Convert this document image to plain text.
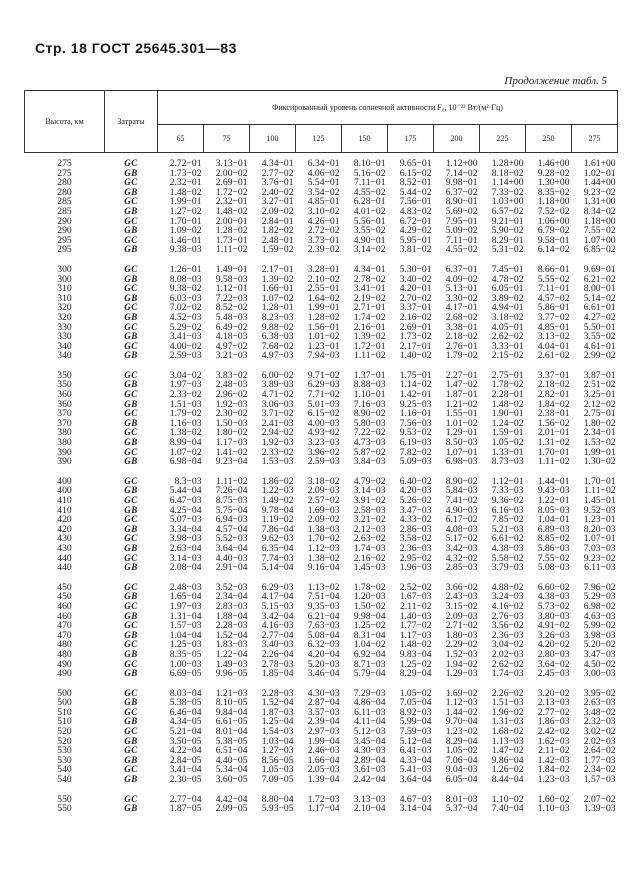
Стр. 18 ГОСТ 25645.301—83
Продолжение табл. 5
Высота, км	Затраты	Фиксированный уровень солнечной активности F₀, 10⁻²² Вт/(м²·Гц)									
		65	75	100	125	150	175	200	225	250	275

275	GC	2.72−01	3.13−01	4.34−01	6.34−01	8.10−01	9.65−01	1.12+00	1.28+00	1.46+00	1.61+00
275	GB	1.73−02	2.00−02	2.77−02	4.06−02	5.16−02	6.15−02	7.14−02	8.18−02	9.28−02	1.02−01
280	GC	2.32−01	2.69−01	3.76−01	5.54−01	7.11−01	8.52−01	9.98−01	1.14+00	1.30+00	1.44+00
280	GB	1.48−02	1.72−02	2.40−02	3.54−02	4.55−02	5.44−02	6.37−02	7.33−02	8.35−02	9.23−02
285	GC	1.99−01	2.32−01	3.27−01	4.85−01	6.28−01	7.56−01	8.90−01	1.03+00	1.18+00	1.31+00
285	GB	1.27−02	1.48−02	2.09−02	3.10−02	4.01−02	4.83−02	5.69−02	6.57−02	7.52−02	8.34−02
290	GC	1.70−01	2.00−01	2.84−01	4.26−01	5.56−01	6.72−01	7.95−01	9.21−01	1.06+00	1.18+00
290	GB	1.09−02	1.28−02	1.82−02	2.72−02	3.55−02	4.29−02	5.09−02	5.90−02	6.79−02	7.55−02
295	GC	1.46−01	1.73−01	2.48−01	3.73−01	4.90−01	5.95−01	7.11−01	8.29−01	9.58−01	1.07+00
295	GB	9.38−03	1.11−02	1.59−02	2.39−02	3.14−02	3.81−02	4.55−02	5.31−02	6.14−02	6.85−02

300	GC	1.26−01	1.49−01	2.17−01	3.28−01	4.34−01	5.30−01	6.37−01	7.45−01	8.66−01	9.69−01
300	GB	8.08−03	9.58−03	1.39−02	2.10−02	2.78−02	3.40−02	4.09−02	4.78−02	5.55−02	6.21−02
310	GC	9.38−02	1.12−01	1.66−01	2.55−01	3.41−01	4.20−01	5.13−01	6.05−01	7.11−01	8.00−01
310	GB	6.03−03	7.22−03	1.07−02	1.64−02	2.19−02	2.70−02	3.30−02	3.89−02	4.57−02	5.14−02
320	GC	7.02−02	8.52−02	1.28−01	1.99−01	2.71−01	3.37−01	4.17−01	4.94−01	5.86−01	6.61−01
320	GB	4.52−03	5.48−03	8.23−03	1.28−02	1.74−02	2.16−02	2.68−02	3.18−02	3.77−02	4.27−02
330	GC	5.29−02	6.49−02	9.88−02	1.56−01	2.16−01	2.69−01	3.38−01	4.05−01	4.85−01	5.50−01
330	GB	3.41−03	4.18−03	6.38−03	1.01−02	1.39−02	1.73−02	2.18−02	2.62−02	3.13−02	3.55−02
340	GC	4.00−02	4.97−02	7.68−02	1.23−01	1.72−01	2.17−01	2.76−01	3.33−01	4.04−01	4.61−01
340	GB	2.59−03	3.21−03	4.97−03	7.94−03	1.11−02	1.40−02	1.79−02	2.15−02	2.61−02	2.99−02

350	GC	3.04−02	3.83−02	6.00−02	9.71−02	1.37−01	1.75−01	2.27−01	2.75−01	3.37−01	3.87−01
350	GB	1.97−03	2.48−03	3.89−03	6.29−03	8.88−03	1.14−02	1.47−02	1.78−02	2.18−02	2.51−02
360	GC	2.33−02	2.96−02	4.71−02	7.71−02	1.10−01	1.42−01	1.87−01	2.28−01	2.82−01	3.25−01
360	GB	1.51−03	1.92−03	3.06−03	5.01−03	7.16−03	9.25−03	1.21−02	1.48−02	1.84−02	2.12−02
370	GC	1.79−02	2.30−02	3.71−02	6.15−02	8.90−02	1.16−01	1.55−01	1.90−01	2.38−01	2.75−01
370	GB	1.16−03	1.50−03	2.41−03	4.00−03	5.80−03	7.56−03	1.01−02	1.24−02	1.56−02	1.80−02
380	GC	1.38−02	1.80−02	2.94−02	4.93−02	7.22−02	9.53−02	1.29−01	1.59−01	2.01−01	2.34−01
380	GB	8.99−04	1.17−03	1.92−03	3.23−03	4.73−03	6.19−03	8.50−03	1.05−02	1.31−02	1.53−02
390	GC	1.07−02	1.41−02	2.33−02	3.96−02	5.87−02	7.82−02	1.07−01	1.33−01	1.70−01	1.99−01
390	GB	6.98−04	9.23−04	1.53−03	2.59−03	3.84−03	5.09−03	6.98−03	8.73−03	1.11−02	1.30−02

400	GC	8.3−03	1.11−02	1.86−02	3.18−02	4.79−02	6.40−02	8.90−02	1.12−01	1.44−01	1.70−01
400	GB	5.44−04	7.26−04	1.22−03	2.09−03	3.14−03	4.20−03	5.84−03	7.33−03	9.43−03	1.11−02
410	GC	6.47−03	8.75−03	1.49−02	2.57−02	3.91−02	5.26−02	7.41−02	9.36−02	1.22−01	1.45−01
410	GB	4.25−04	5.75−04	9.78−04	1.69−03	2.58−03	3.47−03	4.90−03	6.16−03	8.05−03	9.52−03
420	GC	5.07−03	6.94−03	1.19−02	2.09−02	3.21−02	4.33−02	6.17−02	7.85−02	1.04−01	1.23−01
420	GB	3.34−04	4.57−04	7.86−04	1.38−03	2.12−03	2.86−03	4.08−03	5.21−03	6.89−03	8.20−03
430	GC	3.98−03	5.52−03	9.62−03	1.70−02	2.63−02	3.58−02	5.17−02	6.61−02	8.85−02	1.07−01
430	GB	2.63−04	3.64−04	6.35−04	1.12−03	1.74−03	2.36−03	3.42−03	4.38−03	5.86−03	7.03−03
440	GC	3.14−03	4.40−03	7.74−03	1.38−02	2.16−02	2.95−02	4.32−02	5.58−02	7.55−02	9.23−02
440	GB	2.08−04	2.91−04	5.14−04	9.16−04	1.45−03	1.96−03	2.85−03	3.79−03	5.08−03	6.11−03

450	GC	2.48−03	3.52−03	6.29−03	1.13−02	1.78−02	2.52−02	3.66−02	4.88−02	6.60−02	7.96−02
450	GB	1.65−04	2.34−04	4.17−04	7.51−04	1.20−03	1.67−03	2.43−03	3.24−03	4.38−03	5.29−03
460	GC	1.97−03	2.83−03	5.15−03	9.35−03	1.50−02	2.11−02	3.15−02	4.16−02	5.73−02	6.98−02
460	GB	1.31−04	1.88−04	3.42−04	6.21−04	9.98−04	1.40−03	2.09−03	2.76−03	3.80−03	4.63−03
470	GC	1.57−03	2.28−03	4.16−03	7.63−03	1.25−02	1.77−02	2.71−02	3.56−02	4.91−02	5.99−02
470	GB	1.04−04	1.52−04	2.77−04	5.08−04	8.31−04	1.17−03	1.80−03	2.36−03	3.26−03	3.98−03
480	GC	1.25−03	1.83−03	3.40−03	6.32−03	1.04−02	1.48−02	2.29−02	3.04−02	4.20−02	5.20−02
480	GB	8.35−05	1.22−04	2.26−04	4.20−04	6.92−04	9.83−04	1.52−03	2.02−03	2.80−03	3.47−03
490	GC	1.00−03	1.49−03	2.78−03	5.20−03	8.71−03	1.25−02	1.94−02	2.62−02	3.64−02	4.50−02
490	GB	6.69−05	9.96−05	1.85−04	3.46−04	5.79−04	8.29−04	1.29−03	1.74−03	2.45−03	3.00−03

500	GC	8.03−04	1.21−03	2.28−03	4.30−03	7.29−03	1.05−02	1.69−02	2.26−02	3.20−02	3.95−02
500	GB	5.38−05	8.10−05	1.52−04	2.87−04	4.86−04	7.05−04	1.12−03	1.51−03	2.13−03	2.63−03
510	GC	6.46−04	9.84−04	1.87−03	3.57−03	6.11−03	8.92−03	1.44−02	1.96−02	2.77−02	3.48−02
510	GB	4.34−05	6.61−05	1.25−04	2.39−04	4.11−04	5.99−04	9.70−04	1.31−03	1.86−03	2.32−03
520	GC	5.21−04	8.01−04	1.54−03	2.97−03	5.12−03	7.59−03	1.23−02	1.68−02	2.42−02	3.02−02
520	GB	3.50−05	5.38−05	1.03−04	1.99−04	3.45−04	5.12−04	8.29−04	1.13−03	1.62−03	2.02−03
530	GC	4.22−04	6.51−04	1.27−03	2.46−03	4.30−03	6.41−03	1.05−02	1.47−02	2.11−02	2.64−02
530	GB	2.84−05	4.40−05	8.56−05	1.66−04	2.89−04	4.33−04	7.06−04	9.86−04	1.42−03	1.77−03
540	GC	3.41−04	5.34−04	1.05−03	2.05−03	3.61−03	5.41−03	9.04−03	1.26−02	1.84−02	2.34−02
540	GB	2.30−05	3.60−05	7.09−05	1.39−04	2.42−04	3.64−04	6.05−04	8.44−04	1.23−03	1.57−03

550	GC	2.77−04	4.42−04	8.80−04	1.72−03	3.13−03	4.67−03	8.01−03	1.10−02	1.60−02	2.07−02
550	GB	1.87−05	2.99−05	5.93−05	1.17−04	2.10−04	3.14−04	5.37−04	7.40−04	1.10−03	1.39−03
